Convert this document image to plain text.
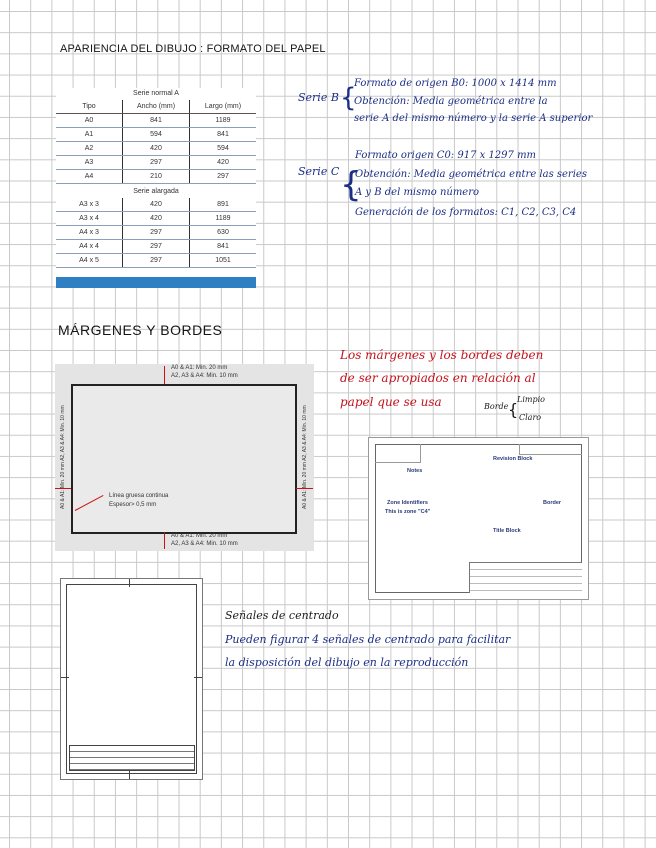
APARIENCIA DEL DIBUJO : FORMATO DEL PAPEL
MÁRGENES Y BORDES
Serie normal A
Tipo	Ancho (mm)	Largo (mm)
A0	841	1189
A1	594	841
A2	420	594
A3	297	420
A4	210	297
Serie alargada
A3 x 3	420	891
A3 x 4	420	1189
A4 x 3	297	630
A4 x 4	297	841
A4 x 5	297	1051
Serie B {
Formato de origen B0: 1000 x 1414 mm
Obtención: Media geométrica entre la
serie A del mismo número y la serie A superior
Serie C {
Formato origen C0: 917 x 1297 mm
Obtención: Media geométrica entre las series
A y B del mismo número
Generación de los formatos: C1, C2, C3, C4
Los márgenes y los bordes deben
de ser apropiados en relación al
papel que se usa	Borde {
Limpio
Claro
A0 & A1: Min. 20 mm
A2, A3 & A4: Min. 10 mm
A0 & A1: Min. 20 mm
A2, A3 & A4: Min. 10 mm
A0 & A1: Min. 20 mm A2, A3 & A4: Min. 10 mm	A0 & A1: Min. 20 mm A2, A3 & A4: Min. 10 mm
Línea gruesa continua
Espesor> 0,5 mm
Notes
Revision Block
Zone Identifiers
This is zone "C4"
Border
Title Block
Señales de centrado
Pueden figurar 4 señales de centrado para facilitar
la disposición del dibujo en la reproducción
